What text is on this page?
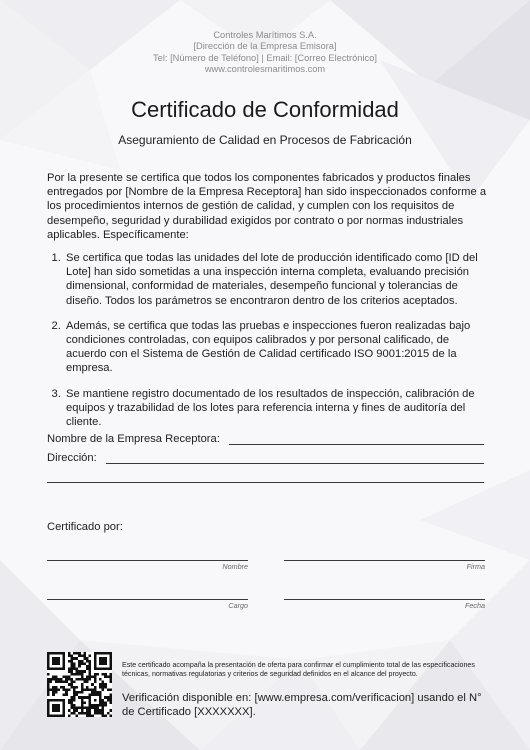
Controles Marítimos S.A.
[Dirección de la Empresa Emisora]
Tel: [Número de Teléfono] | Email: [Correo Electrónico]
www.controlesmaritimos.com
Certificado de Conformidad
Aseguramiento de Calidad en Procesos de Fabricación

Por la presente se certifica que todos los componentes fabricados y productos finales entregados por [Nombre de la Empresa Receptora] han sido inspeccionados conforme a los procedimientos internos de gestión de calidad, y cumplen con los requisitos de desempeño, seguridad y durabilidad exigidos por contrato o por normas industriales aplicables. Específicamente:

1. Se certifica que todas las unidades del lote de producción identificado como [ID del Lote] han sido sometidas a una inspección interna completa, evaluando precisión dimensional, conformidad de materiales, desempeño funcional y tolerancias de diseño. Todos los parámetros se encontraron dentro de los criterios aceptados.
2. Además, se certifica que todas las pruebas e inspecciones fueron realizadas bajo condiciones controladas, con equipos calibrados y por personal calificado, de acuerdo con el Sistema de Gestión de Calidad certificado ISO 9001:2015 de la empresa.
3. Se mantiene registro documentado de los resultados de inspección, calibración de equipos y trazabilidad de los lotes para referencia interna y fines de auditoría del cliente.
Nombre de la Empresa Receptora:
Dirección:
Certificado por:
Nombre	Firma
Cargo	Fecha
Este certificado acompaña la presentación de oferta para confirmar el cumplimiento total de las especificaciones técnicas, normativas regulatorias y criterios de seguridad definidos en el alcance del proyecto.
Verificación disponible en: [www.empresa.com/verificacion] usando el N° de Certificado [XXXXXXX].
